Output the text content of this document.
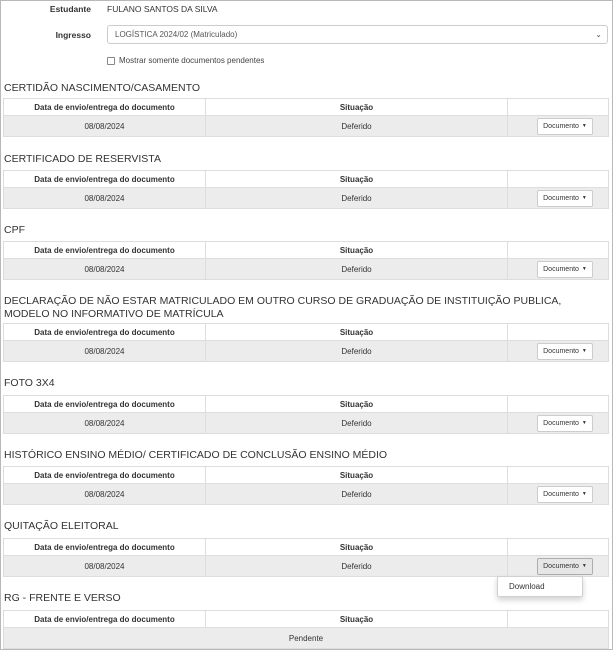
Estudante FULANO SANTOS DA SILVA
Ingresso	LOGÍSTICA 2024/02 (Matriculado)	⌄
Mostrar somente documentos pendentes
CERTIDÃO NASCIMENTO/CASAMENTO
Data de envio/entrega do documento	Situação	
08/08/2024	Deferido	Documento ▼
CERTIFICADO DE RESERVISTA
Data de envio/entrega do documento	Situação	
08/08/2024	Deferido	Documento ▼
CPF
Data de envio/entrega do documento	Situação	
08/08/2024	Deferido	Documento ▼
DECLARAÇÃO DE NÃO ESTAR MATRICULADO EM OUTRO CURSO DE GRADUAÇÃO DE INSTITUIÇÃO PUBLICA, MODELO NO INFORMATIVO DE MATRÍCULA
Data de envio/entrega do documento	Situação	
08/08/2024	Deferido	Documento ▼
FOTO 3X4
Data de envio/entrega do documento	Situação	
08/08/2024	Deferido	Documento ▼
HISTÓRICO ENSINO MÉDIO/ CERTIFICADO DE CONCLUSÃO ENSINO MÉDIO
Data de envio/entrega do documento	Situação	
08/08/2024	Deferido	Documento ▼
QUITAÇÃO ELEITORAL
Data de envio/entrega do documento	Situação	
08/08/2024	Deferido	Documento ▼
RG - FRENTE E VERSO
Data de envio/entrega do documento	Situação	
Pendente
Download
